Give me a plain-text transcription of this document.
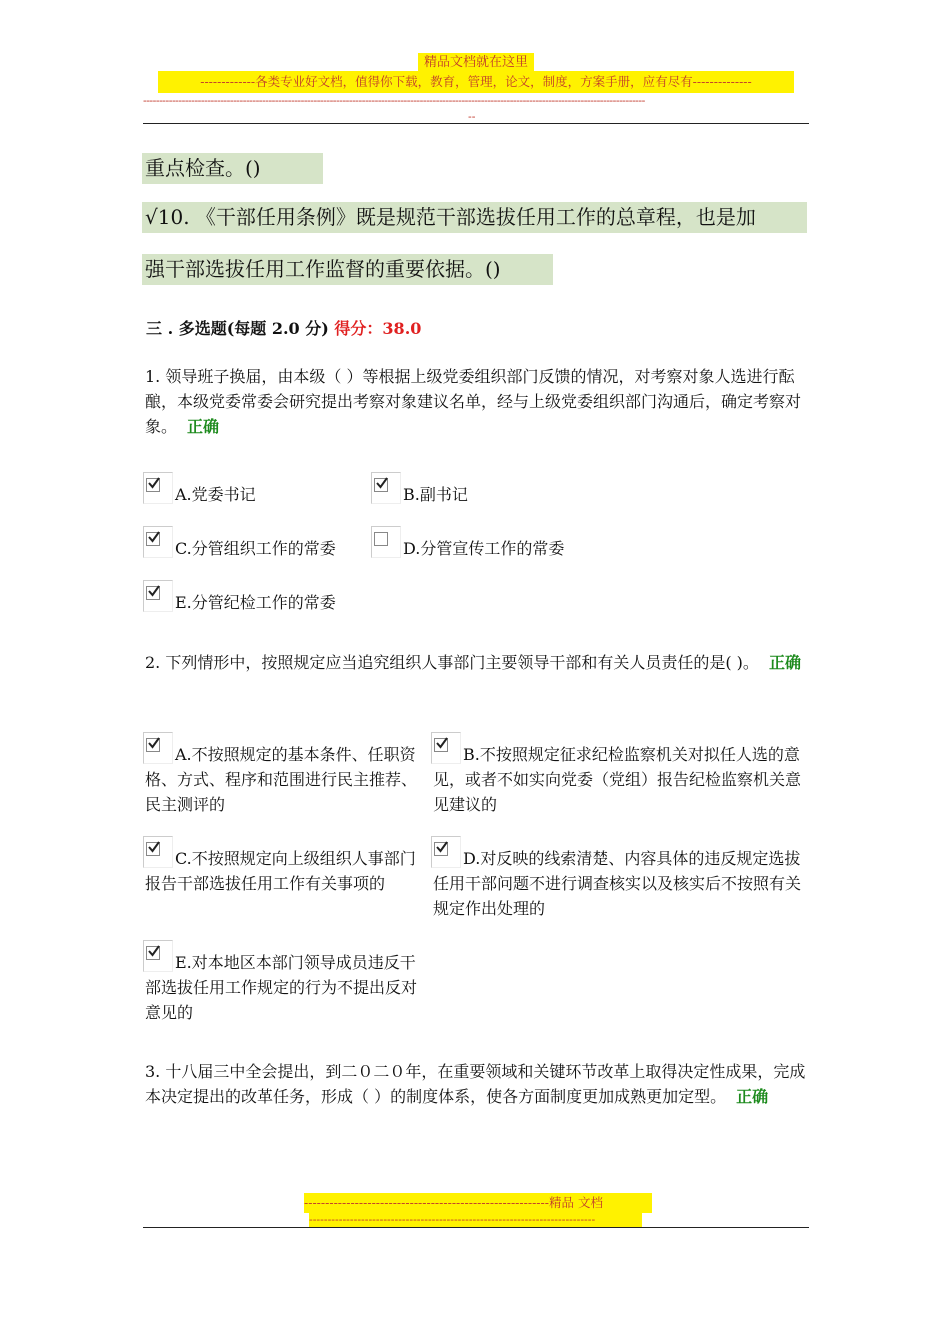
精品文档就在这里
-------------各类专业好文档，值得你下载，教育，管理，论文，制度，方案手册，应有尽有--------------
------------------------------------------------------------------------------------------------------------------------------------------------------------
--
重点检查。()
√10. 《干部任用条例》既是规范干部选拔任用工作的总章程，也是加
强干部选拔任用工作监督的重要依据。()
三 . 多选题(每题 2.0 分) 得分：38.0
1. 领导班子换届，由本级（ ）等根据上级党委组织部门反馈的情况，对考察对象人选进行酝酿，本级党委常委会研究提出考察对象建议名单，经与上级党委组织部门沟通后，确定考察对象。 正确
A.党委书记	B.副书记
C.分管组织工作的常委	D.分管宣传工作的常委
E.分管纪检工作的常委
2. 下列情形中，按照规定应当追究组织人事部门主要领导干部和有关人员责任的是( )。 正确
A.不按照规定的基本条件、任职资格、方式、程序和范围进行民主推荐、民主测评的
B.不按照规定征求纪检监察机关对拟任人选的意见，或者不如实向党委（党组）报告纪检监察机关意见建议的
C.不按照规定向上级组织人事部门报告干部选拔任用工作有关事项的
D.对反映的线索清楚、内容具体的违反规定选拔任用干部问题不进行调查核实以及核实后不按照有关规定作出处理的
E.对本地区本部门领导成员违反干部选拔任用工作规定的行为不提出反对意见的
3. 十八届三中全会提出，到二０二０年，在重要领域和关键环节改革上取得决定性成果，完成本决定提出的改革任务，形成（ ）的制度体系，使各方面制度更加成熟更加定型。 正确
----------------------------------------------------------精品 文档
-----------------------------------------------------------------------------
